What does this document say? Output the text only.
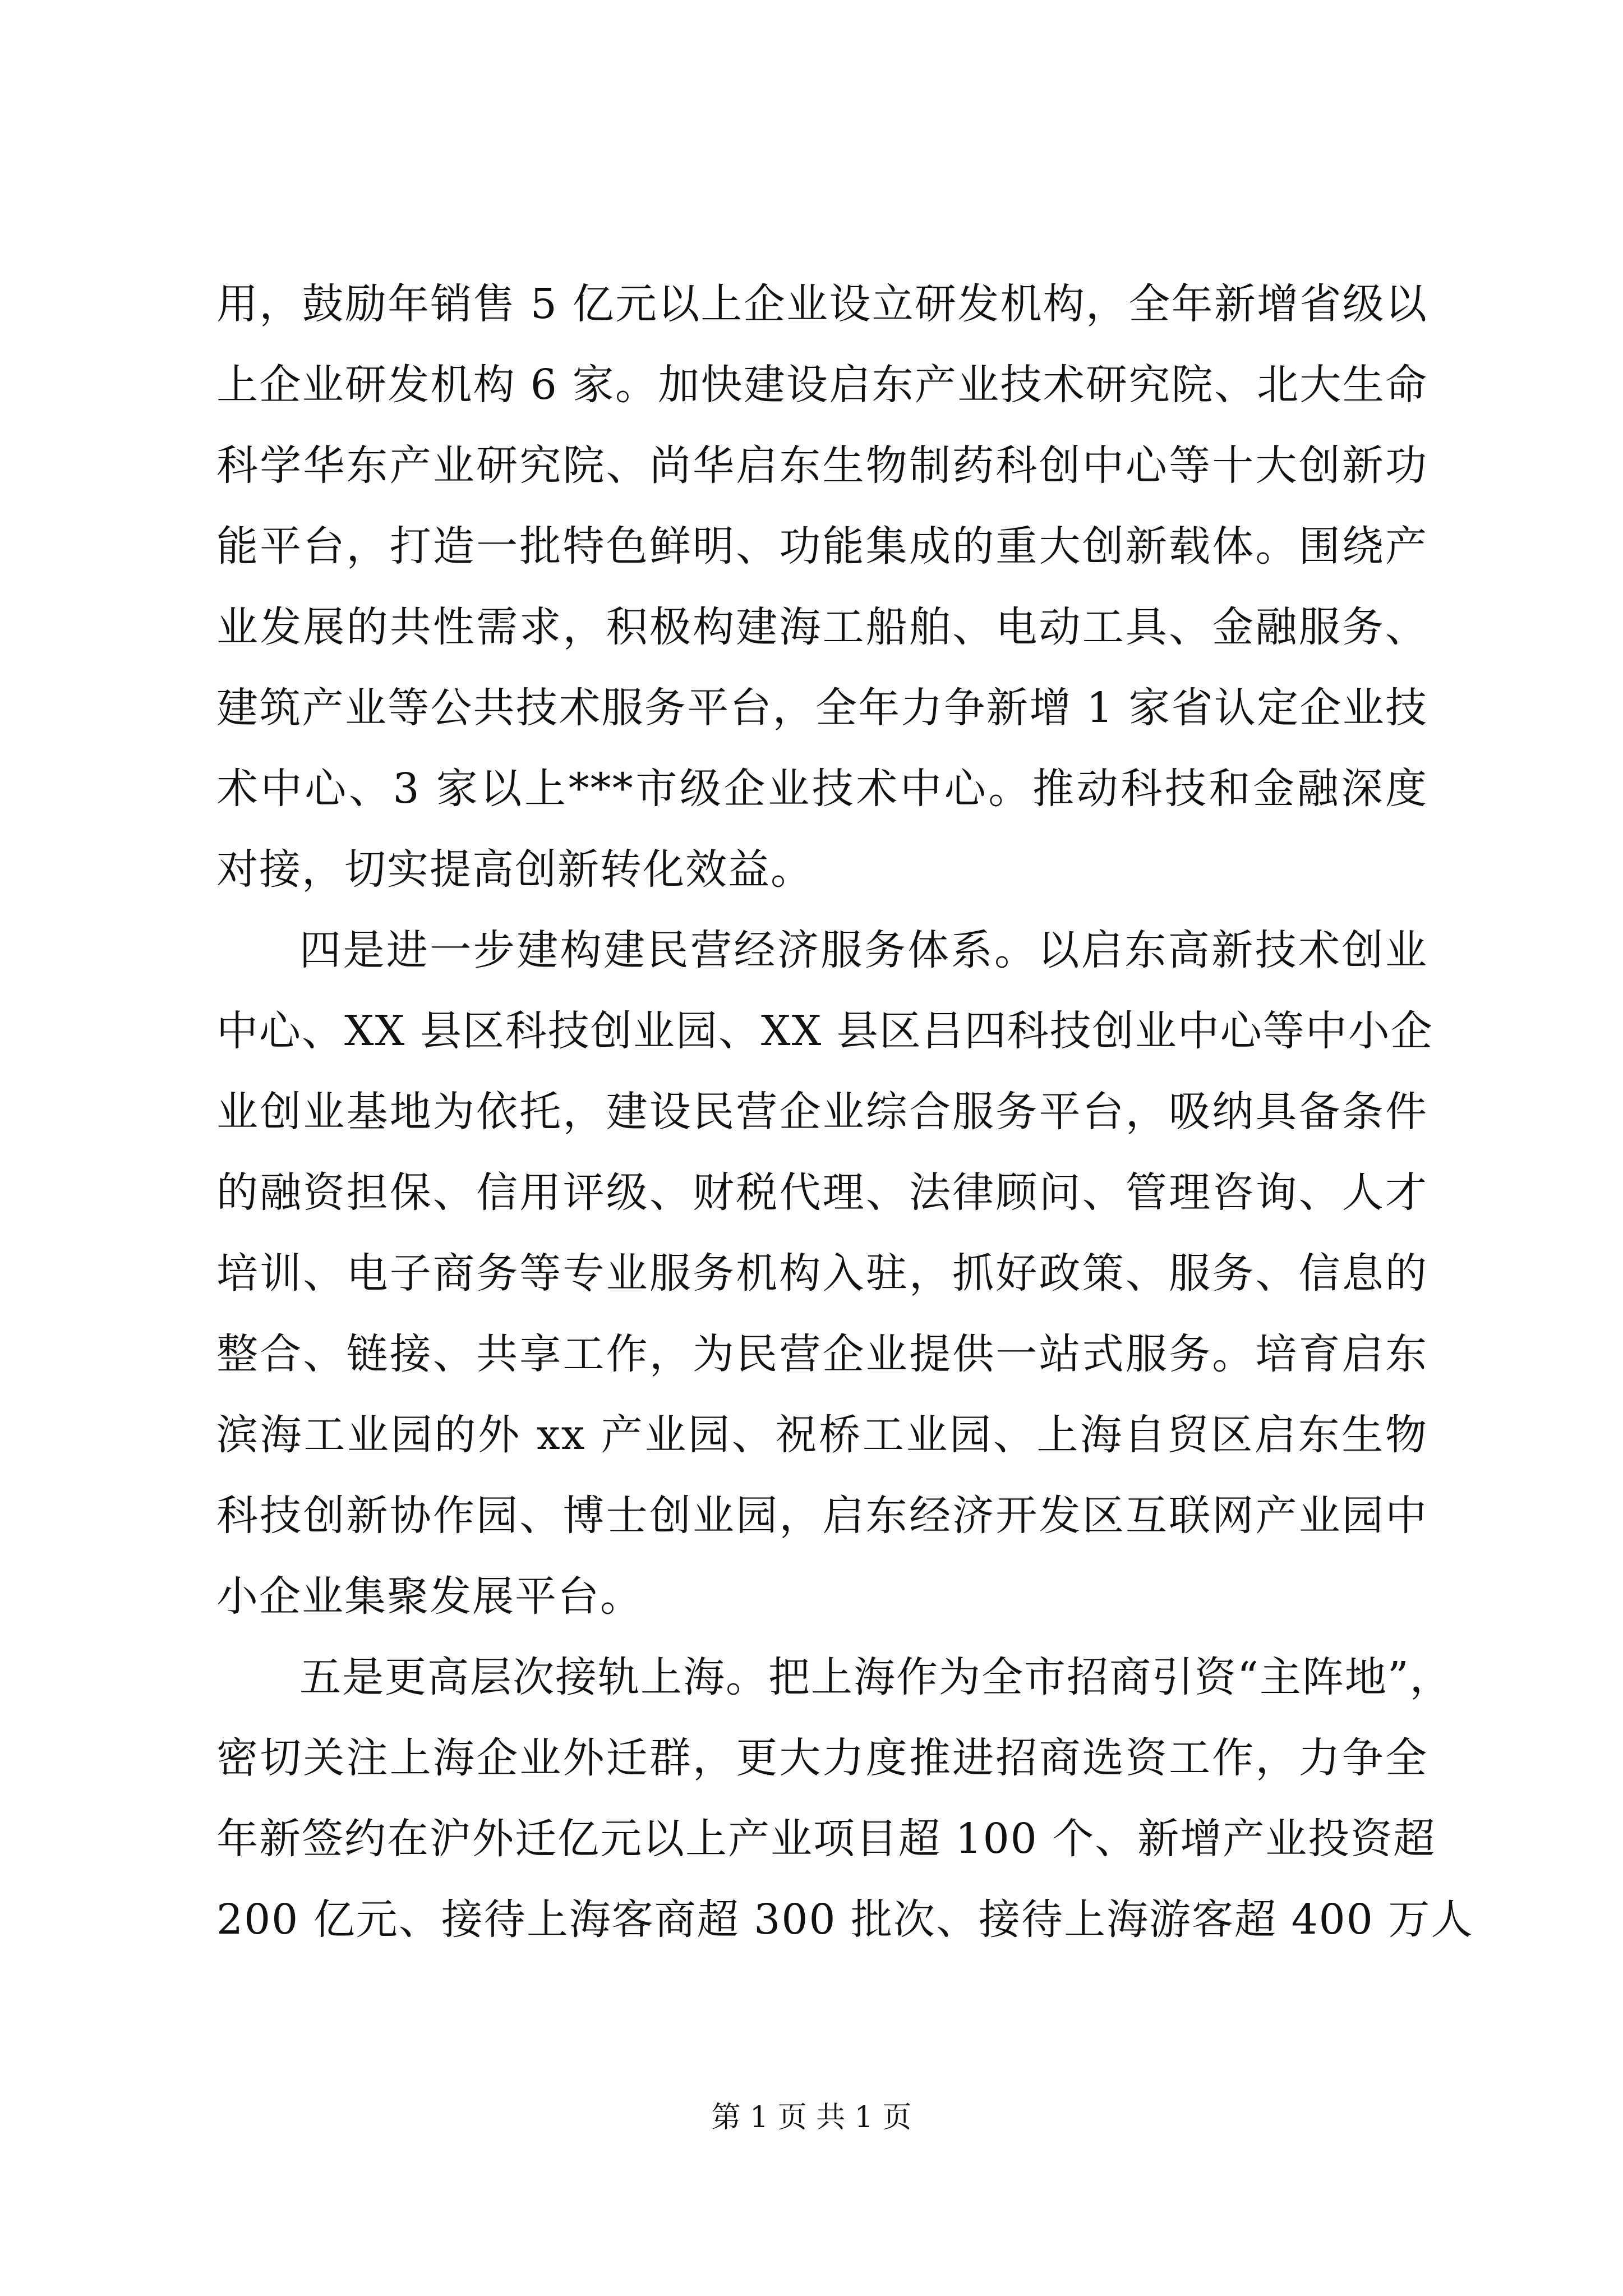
用，鼓励年销售 5 亿元以上企业设立研发机构，全年新增省级以
上企业研发机构 6 家。加快建设启东产业技术研究院、北大生命
科学华东产业研究院、尚华启东生物制药科创中心等十大创新功
能平台，打造一批特色鲜明、功能集成的重大创新载体。围绕产
业发展的共性需求，积极构建海工船舶、电动工具、金融服务、
建筑产业等公共技术服务平台，全年力争新增 1 家省认定企业技
术中心、3 家以上***市级企业技术中心。推动科技和金融深度
对接，切实提高创新转化效益。
四是进一步建构建民营经济服务体系。以启东高新技术创业
中心、XX 县区科技创业园、XX 县区吕四科技创业中心等中小企
业创业基地为依托，建设民营企业综合服务平台，吸纳具备条件
的融资担保、信用评级、财税代理、法律顾问、管理咨询、人才
培训、电子商务等专业服务机构入驻，抓好政策、服务、信息的
整合、链接、共享工作，为民营企业提供一站式服务。培育启东
滨海工业园的外 xx 产业园、祝桥工业园、上海自贸区启东生物
科技创新协作园、博士创业园，启东经济开发区互联网产业园中
小企业集聚发展平台。
五是更高层次接轨上海。把上海作为全市招商引资“主阵地”，
密切关注上海企业外迁群，更大力度推进招商选资工作，力争全
年新签约在沪外迁亿元以上产业项目超 100 个、新增产业投资超
200 亿元、接待上海客商超 300 批次、接待上海游客超 400 万人
第 1 页 共 1 页
